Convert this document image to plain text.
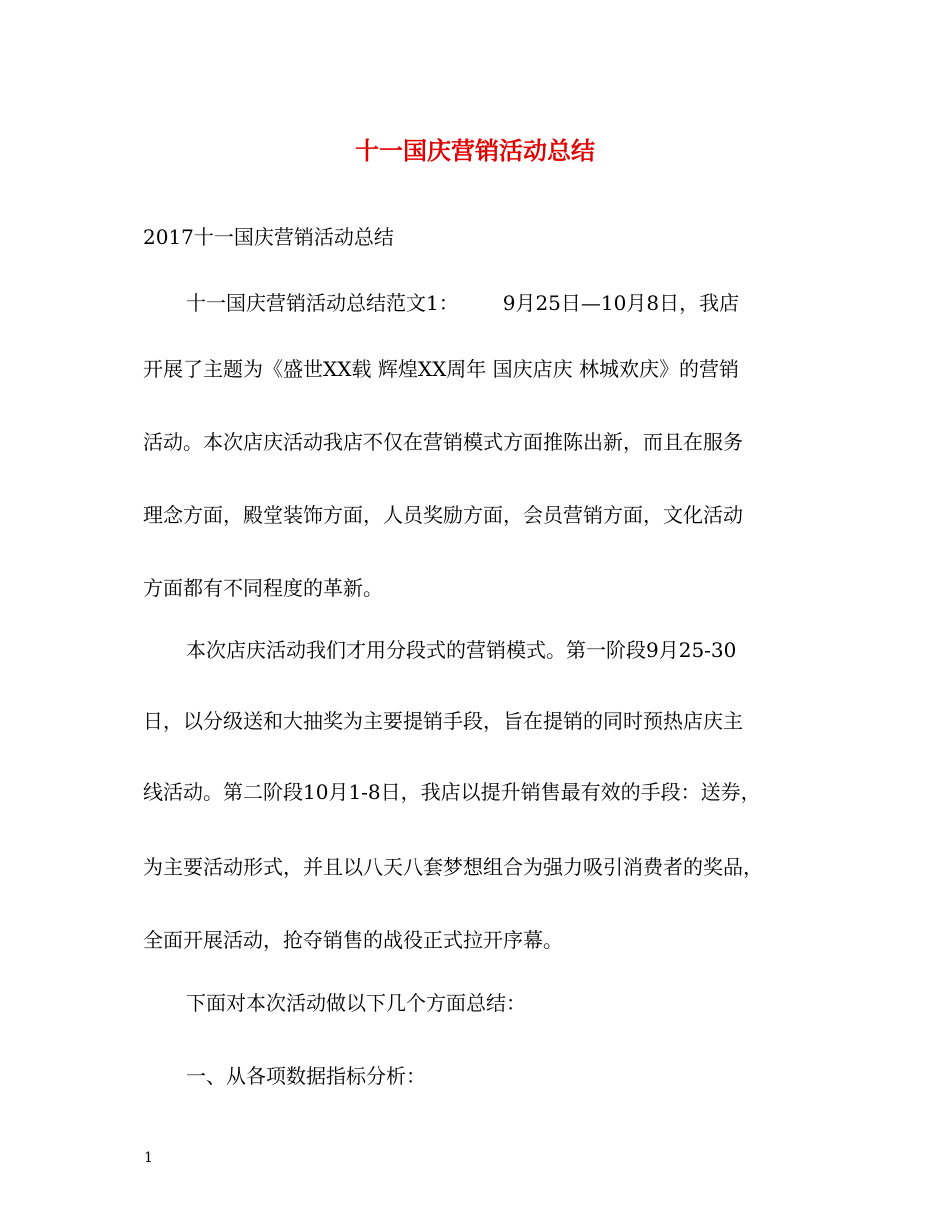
十一国庆营销活动总结
2017十一国庆营销活动总结
十一国庆营销活动总结范文1： 9月25日—10月8日，我店
开展了主题为《盛世XX载 辉煌XX周年 国庆店庆 林城欢庆》的营销
活动。本次店庆活动我店不仅在营销模式方面推陈出新，而且在服务
理念方面，殿堂装饰方面，人员奖励方面，会员营销方面，文化活动
方面都有不同程度的革新。
本次店庆活动我们才用分段式的营销模式。第一阶段9月25-30
日，以分级送和大抽奖为主要提销手段，旨在提销的同时预热店庆主
线活动。第二阶段10月1-8日，我店以提升销售最有效的手段：送券，
为主要活动形式，并且以八天八套梦想组合为强力吸引消费者的奖品，
全面开展活动，抢夺销售的战役正式拉开序幕。
下面对本次活动做以下几个方面总结：
一、从各项数据指标分析：
1
